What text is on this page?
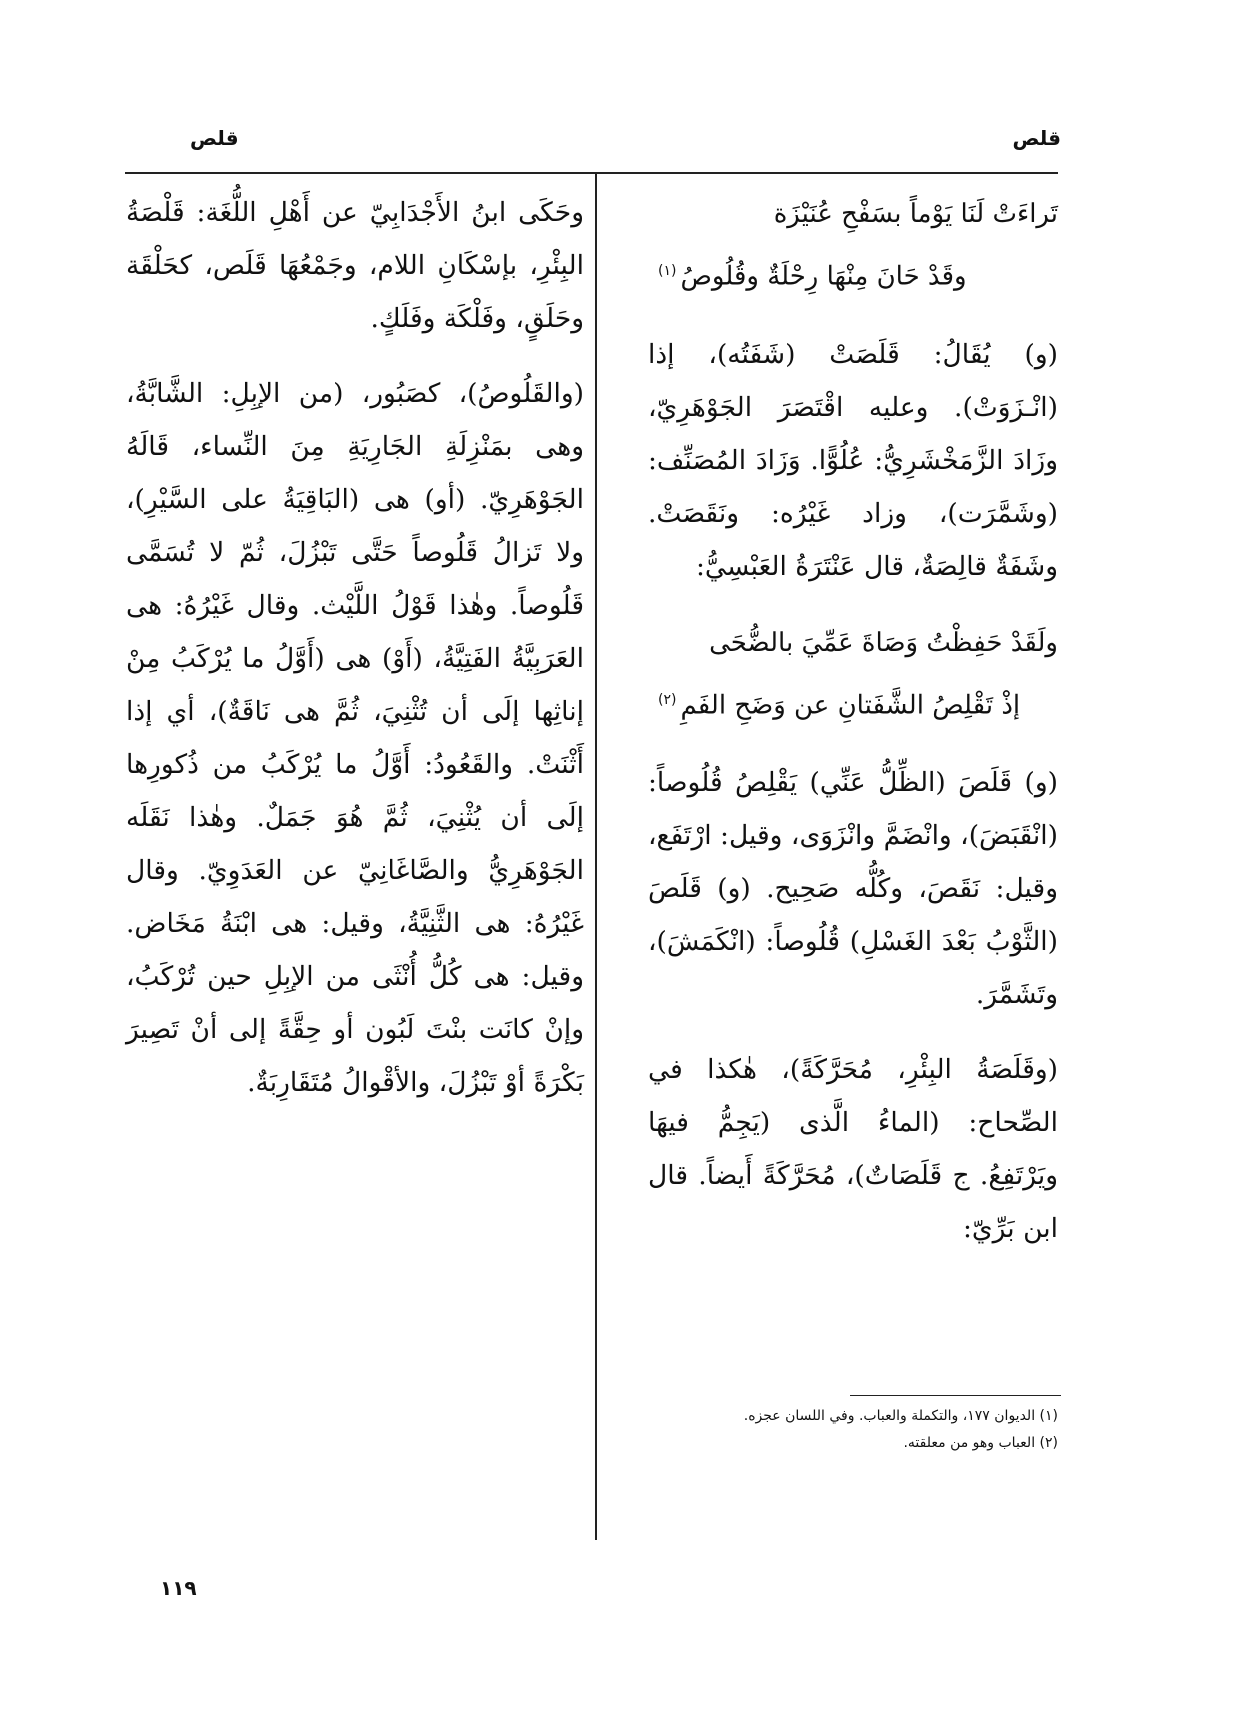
قلص
قلص
تَراءَتْ لَنَا يَوْماً بسَفْحِ عُنَيْزَة
وقَدْ حَانَ مِنْهَا رِحْلَةٌ وقُلُوصُ$^{(١)}$

(و) يُقَالُ: قَلَصَتْ (شَفَتُه)، إذا (انْـزَوَتْ). وعليه اقْتَصَرَ الجَوْهَرِيّ، وزَادَ الزَّمَخْشَرِيُّ: عُلُوًّا. وَزَادَ المُصَنِّف: (وشَمَّرَت)، وزاد غَيْرُه: ونَقَصَتْ. وشَفَةٌ قالِصَةٌ، قال عَنْتَرَةُ العَبْسِيُّ:

ولَقَدْ حَفِظْتُ وَصَاةَ عَمِّيَ بالضُّحَى
إذْ تَقْلِصُ الشَّفَتانِ عن وَضَحِ الفَمِ$^{(٢)}$

(و) قَلَصَ (الظِّلُّ عَنِّي) يَقْلِصُ قُلُوصاً: (انْقَبَضَ)، وانْضَمَّ وانْزَوَى، وقيل: ارْتَفَع، وقيل: نَقَصَ، وكُلُّه صَحِيح. (و) قَلَصَ (الثَّوْبُ بَعْدَ الغَسْلِ) قُلُوصاً: (انْكَمَشَ)، وتَشَمَّرَ.

(وقَلَصَةُ البِئْرِ، مُحَرَّكَةً)، هٰكذا في الصِّحاح: (الماءُ الَّذى (يَجِمُّ فيهَا ويَرْتَفِعُ. ج قَلَصَاتٌ)، مُحَرَّكَةً أَيضاً. قال ابن بَرِّيّ:

(١) الديوان ١٧٧، والتكملة والعباب. وفي اللسان عجزه.

(٢) العباب وهو من معلقته.

وحَكَى ابنُ الأَجْدَابِيّ عن أَهْلِ اللُّغَة: قَلْصَةُ البِئْرِ، بإسْكَانِ اللام، وجَمْعُهَا قَلَص، كحَلْقَة وحَلَقٍ، وفَلْكَة وفَلَكٍ.

(والقَلُوصُ)، كصَبُور، (من الإبِلِ: الشَّابَّةُ، وهى بمَنْزِلَةِ الجَارِيَةِ مِنَ النِّساء، قَالَهُ الجَوْهَرِيّ. (أو) هى (البَاقِيَةُ على السَّيْرِ)، ولا تَزالُ قَلُوصاً حَتَّى تَبْزُلَ، ثُمّ لا تُسَمَّى قَلُوصاً. وهٰذا قَوْلُ اللَّيْث. وقال غَيْرُهُ: هى العَرَبِيَّةُ الفَتِيَّةُ، (أَوْ) هى (أَوَّلُ ما يُرْكَبُ مِنْ إناثِها إلَى أن تُثْنِيَ، ثُمَّ هى نَاقَةٌ)، أي إذا أَثْنَتْ. والقَعُودُ: أَوَّلُ ما يُرْكَبُ من ذُكورِها إلَى أن يُثْنِيَ، ثُمَّ هُوَ جَمَلٌ. وهٰذا نَقَلَه الجَوْهَرِيُّ والصَّاغَانِيّ عن العَدَوِيّ. وقال غَيْرُهُ: هى الثَّنِيَّةُ، وقيل: هى ابْنَةُ مَخَاض. وقيل: هى كُلُّ أُنْثَى من الإبِلِ حين تُرْكَبُ، وإنْ كانَت بنْتَ لَبُون أو حِقَّةً إلى أنْ تَصِيرَ بَكْرَةً أوْ تَبْزُلَ، والأقْوالُ مُتَقَارِبَةٌ.

١١٩
